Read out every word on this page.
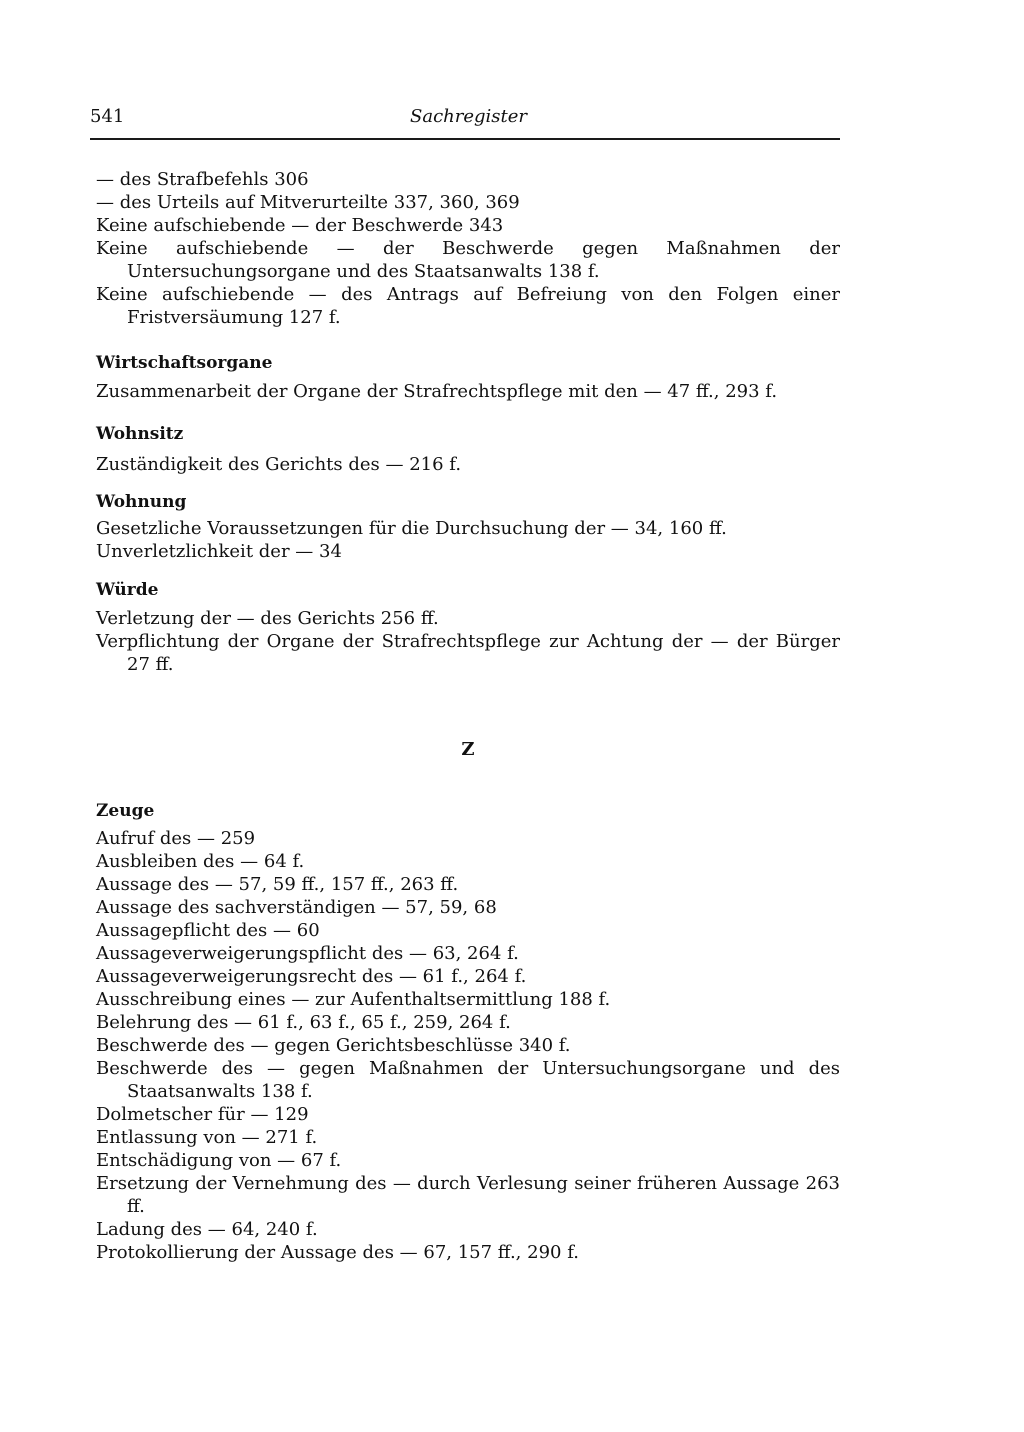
541	Sachregister

— des Strafbefehls 306

— des Urteils auf Mitverurteilte 337, 360, 369

Keine aufschiebende — der Beschwerde 343

Keine aufschiebende — der Beschwerde gegen Maßnahmen der Untersuchungsorgane und des Staatsanwalts 138 f.

Keine aufschiebende — des Antrags auf Befreiung von den Folgen einer Fristversäumung 127 f.

Wirtschaftsorgane

Zusammenarbeit der Organe der Strafrechtspflege mit den — 47 ff., 293 f.

Wohnsitz

Zuständigkeit des Gerichts des — 216 f.

Wohnung

Gesetzliche Voraussetzungen für die Durchsuchung der — 34, 160 ff.

Unverletzlichkeit der — 34

Würde

Verletzung der — des Gerichts 256 ff.

Verpflichtung der Organe der Strafrechtspflege zur Achtung der — der Bürger 27 ff.

Z

Zeuge

Aufruf des — 259

Ausbleiben des — 64 f.

Aussage des — 57, 59 ff., 157 ff., 263 ff.

Aussage des sachverständigen — 57, 59, 68

Aussagepflicht des — 60

Aussageverweigerungspflicht des — 63, 264 f.

Aussageverweigerungsrecht des — 61 f., 264 f.

Ausschreibung eines — zur Aufenthaltsermittlung 188 f.

Belehrung des — 61 f., 63 f., 65 f., 259, 264 f.

Beschwerde des — gegen Gerichtsbeschlüsse 340 f.

Beschwerde des — gegen Maßnahmen der Untersuchungsorgane und des Staatsanwalts 138 f.

Dolmetscher für — 129

Entlassung von — 271 f.

Entschädigung von — 67 f.

Ersetzung der Vernehmung des — durch Verlesung seiner früheren Aussage 263 ff.

Ladung des — 64, 240 f.

Protokollierung der Aussage des — 67, 157 ff., 290 f.
